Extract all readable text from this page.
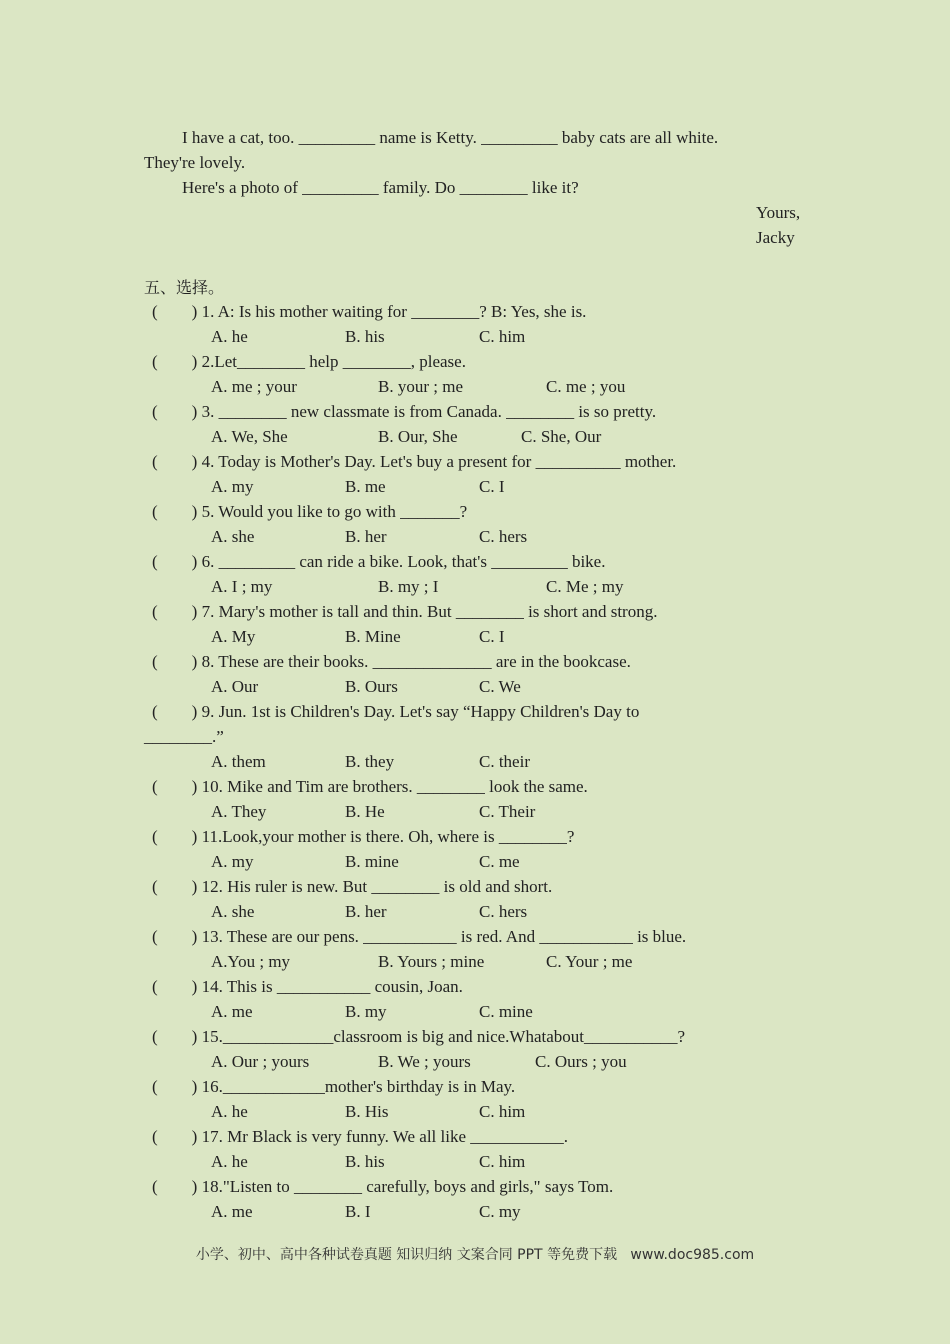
I have a cat, too. _________ name is Ketty. _________ baby cats are all white.
They're lovely.
Here's a photo of _________ family. Do ________ like it?
Yours,
Jacky
五、选择。
(        ) 1. A: Is his mother waiting for ________? B: Yes, she is.
A. he	B. his	C. him
(        ) 2.Let________ help ________, please.
A. me ; your	B. your ; me	C. me ; you
(        ) 3. ________ new classmate is from Canada. ________ is so pretty.
A. We, She	B. Our, She	C. She, Our
(        ) 4. Today is Mother's Day. Let's buy a present for __________ mother.
A. my	B. me	C. I
(        ) 5. Would you like to go with _______?
A. she	B. her	C. hers
(        ) 6. _________ can ride a bike. Look, that's _________ bike.
A. I ; my	B. my ; I	C. Me ; my
(        ) 7. Mary's mother is tall and thin. But ________ is short and strong.
A. My	B. Mine	C. I
(        ) 8. These are their books. ______________ are in the bookcase.
A. Our	B. Ours	C. We
(        ) 9. Jun. 1st is Children's Day. Let's say “Happy Children's Day to
________.”
A. them	B. they	C. their
(        ) 10. Mike and Tim are brothers. ________ look the same.
A. They	B. He	C. Their
(        ) 11.Look,your mother is there. Oh, where is ________?
A. my	B. mine	C. me
(        ) 12. His ruler is new. But ________ is old and short.
A. she	B. her	C. hers
(        ) 13. These are our pens. ___________ is red. And ___________ is blue.
A.You ; my	B. Yours ; mine	C. Your ; me
(        ) 14. This is ___________ cousin, Joan.
A. me	B. my	C. mine
(        ) 15._____________classroom is big and nice.Whatabout___________?
A. Our ; yours	B. We ; yours	C. Ours ; you
(        ) 16.____________mother's birthday is in May.
A. he	B. His	C. him
(        ) 17. Mr Black is very funny. We all like ___________.
A. he	B. his	C. him
(        ) 18."Listen to ________ carefully, boys and girls," says Tom.
A. me	B. I	C. my
小学、初中、高中各种试卷真题 知识归纳 文案合同 PPT 等免费下载   www.doc985.com
